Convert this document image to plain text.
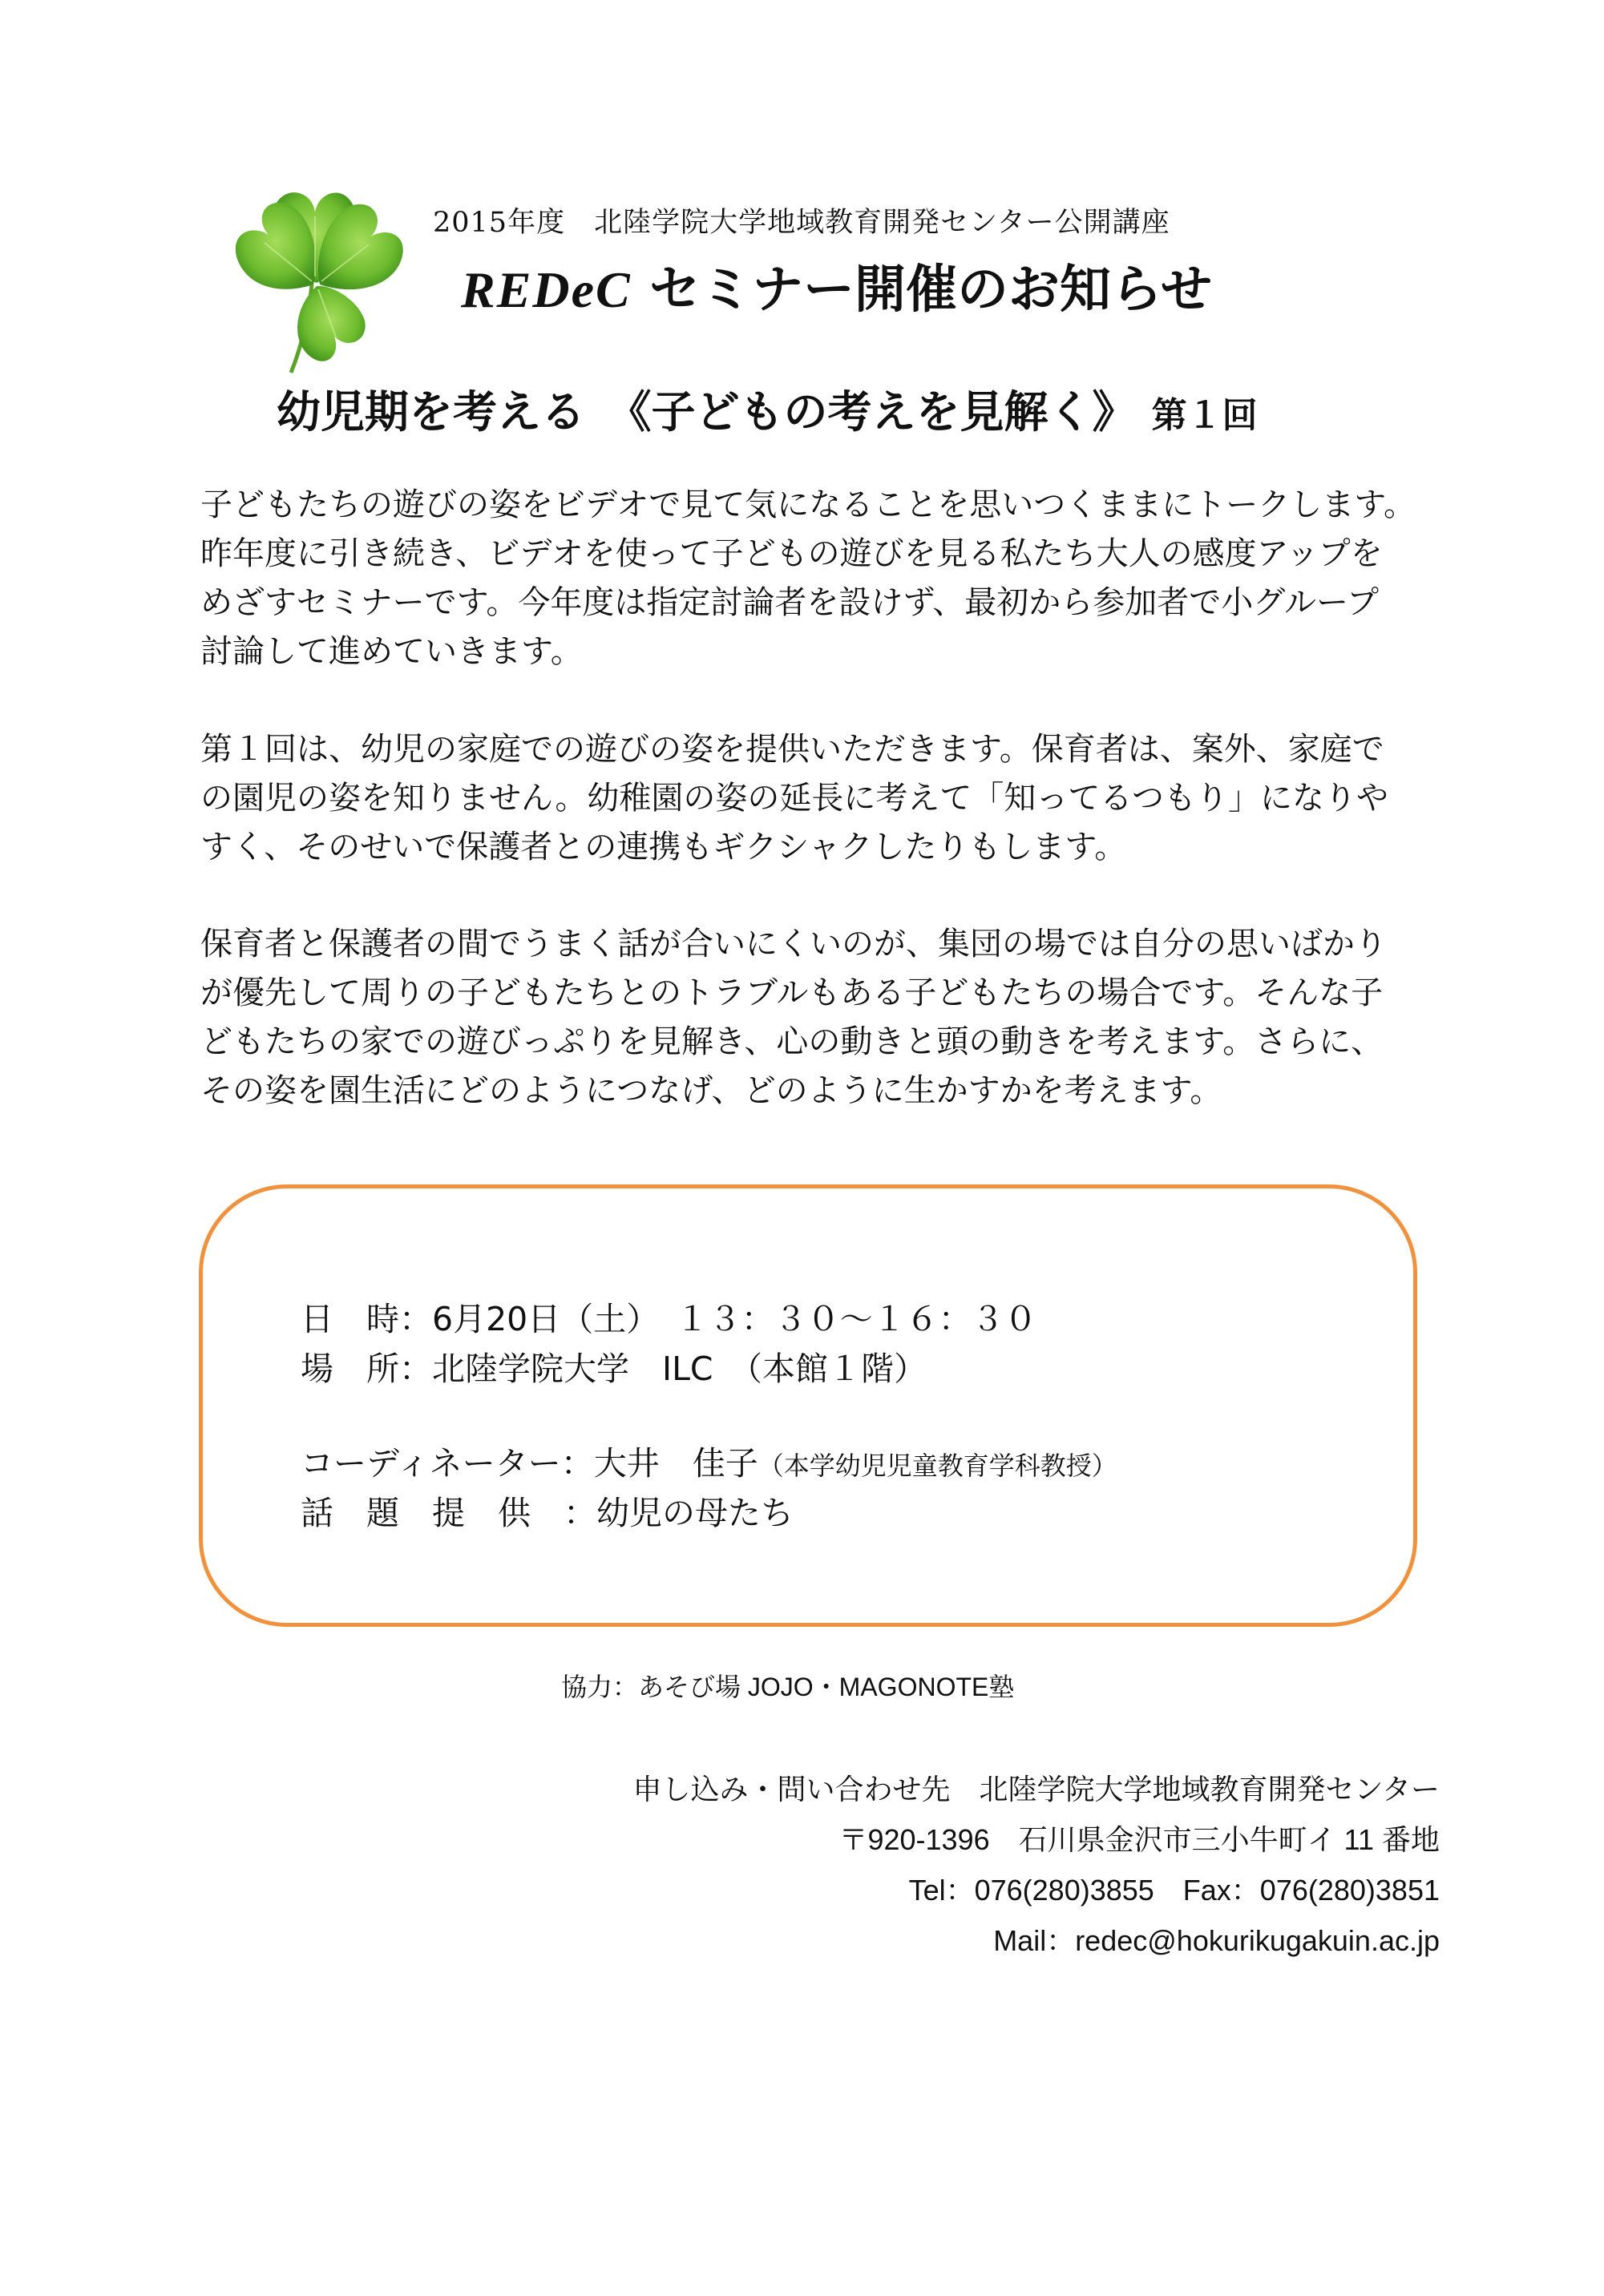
2015年度　北陸学院大学地域教育開発センター公開講座
REDeC セミナー開催のお知らせ
幼児期を考える　《子どもの考えを見解く》 第１回
子どもたちの遊びの姿をビデオで見て気になることを思いつくままにトークします。
昨年度に引き続き、ビデオを使って子どもの遊びを見る私たち大人の感度アップを
めざすセミナーです。今年度は指定討論者を設けず、最初から参加者で小グループ
討論して進めていきます。
第１回は、幼児の家庭での遊びの姿を提供いただきます。保育者は、案外、家庭で
の園児の姿を知りません。幼稚園の姿の延長に考えて「知ってるつもり」になりや
すく、そのせいで保護者との連携もギクシャクしたりもします。
保育者と保護者の間でうまく話が合いにくいのが、集団の場では自分の思いばかり
が優先して周りの子どもたちとのトラブルもある子どもたちの場合です。そんな子
どもたちの家での遊びっぷりを見解き、心の動きと頭の動きを考えます。さらに、
その姿を園生活にどのようにつなげ、どのように生かすかを考えます。
日　時：6月20日（土）　１３：３０～１６：３０
場　所：北陸学院大学　ILC　（本館１階）
コーディネーター：大井　佳子（本学幼児児童教育学科教授）
話　題　提　供　：幼児の母たち
協力：あそび場 JOJO・MAGONOTE塾
申し込み・問い合わせ先　北陸学院大学地域教育開発センター
〒920-1396　石川県金沢市三小牛町イ 11 番地
Tel：076(280)3855　Fax：076(280)3851
Mail：redec@hokurikugakuin.ac.jp
